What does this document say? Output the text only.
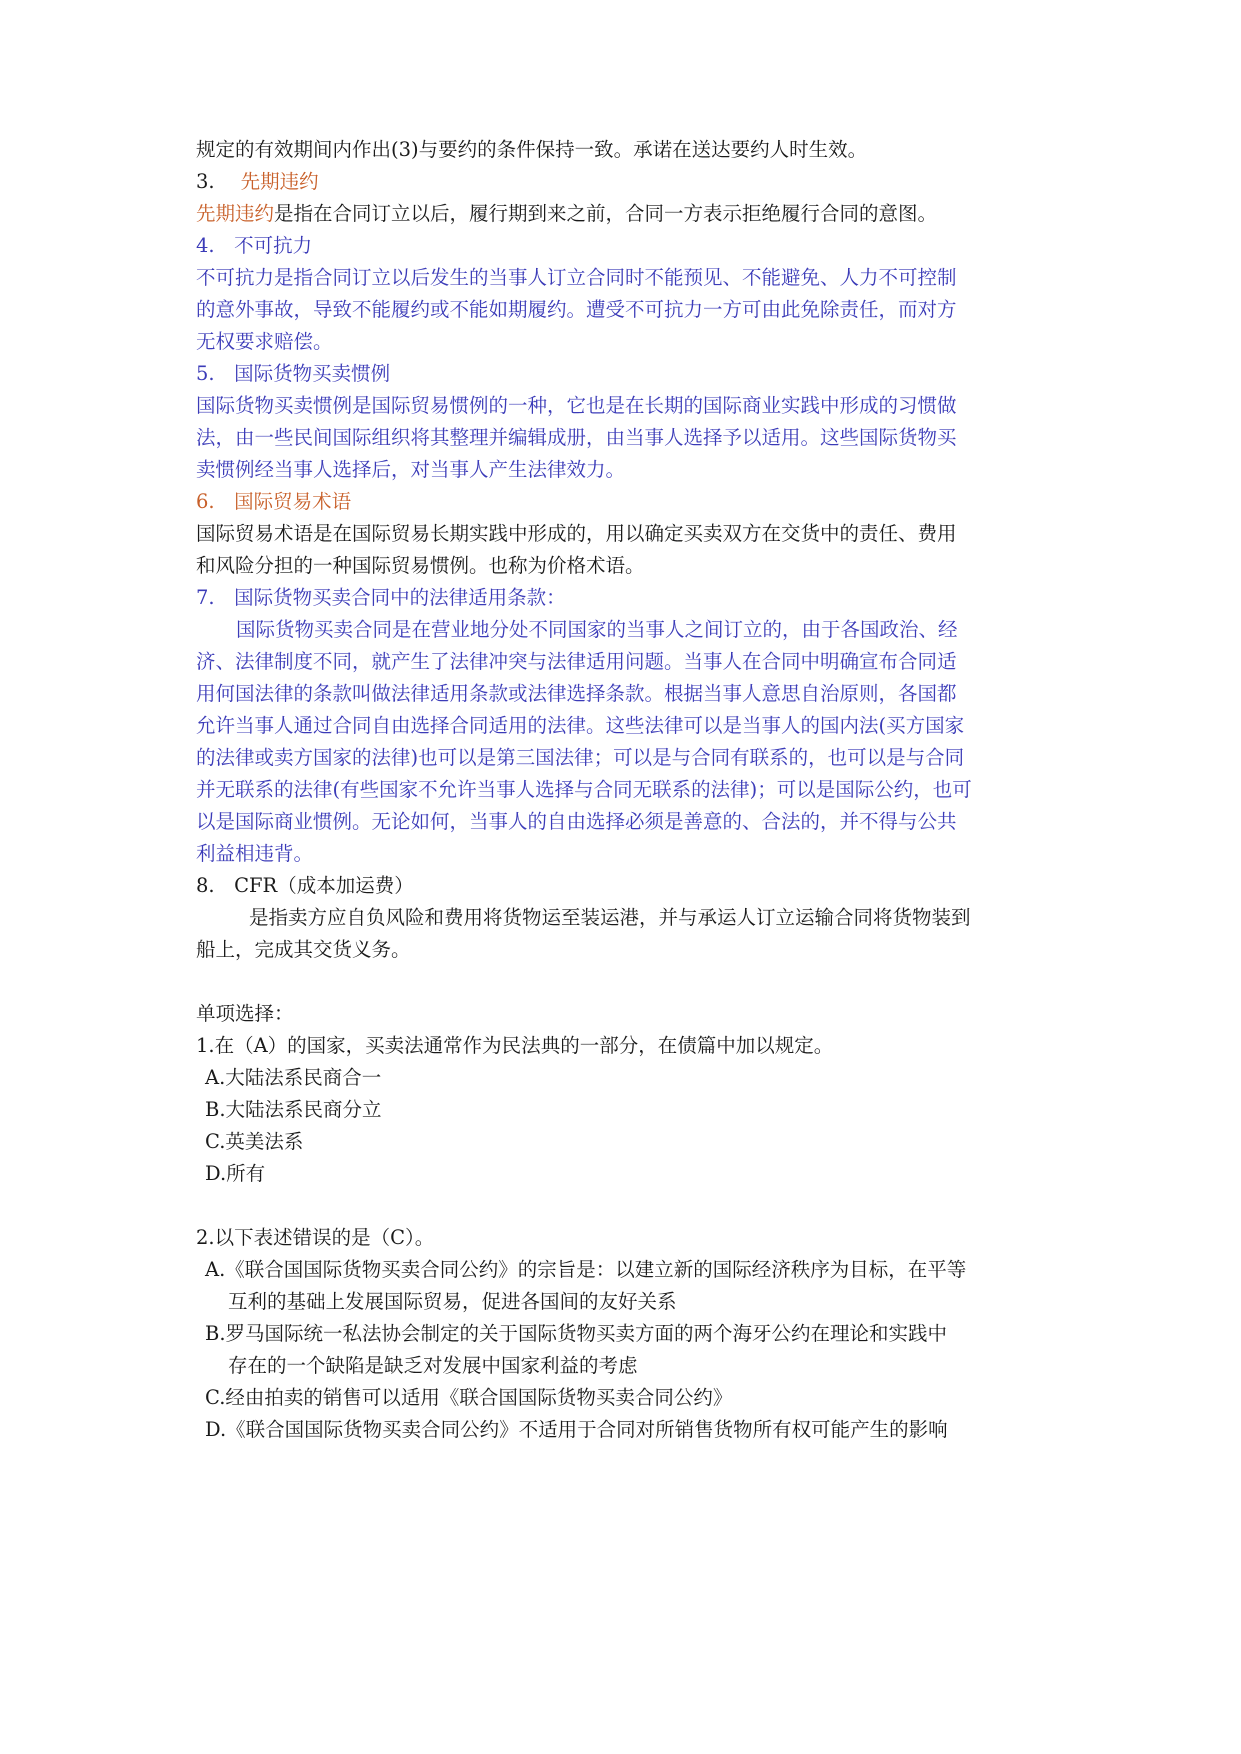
规定的有效期间内作出(3)与要约的条件保持一致。承诺在送达要约人时生效。
3. 先期违约
先期违约是指在合同订立以后，履行期到来之前，合同一方表示拒绝履行合同的意图。
4.　不可抗力
不可抗力是指合同订立以后发生的当事人订立合同时不能预见、不能避免、人力不可控制
的意外事故，导致不能履约或不能如期履约。遭受不可抗力一方可由此免除责任，而对方
无权要求赔偿。
5.　国际货物买卖惯例
国际货物买卖惯例是国际贸易惯例的一种，它也是在长期的国际商业实践中形成的习惯做
法，由一些民间国际组织将其整理并编辑成册，由当事人选择予以适用。这些国际货物买
卖惯例经当事人选择后，对当事人产生法律效力。
6.　国际贸易术语
国际贸易术语是在国际贸易长期实践中形成的，用以确定买卖双方在交货中的责任、费用
和风险分担的一种国际贸易惯例。也称为价格术语。
7.　国际货物买卖合同中的法律适用条款：
国际货物买卖合同是在营业地分处不同国家的当事人之间订立的，由于各国政治、经
济、法律制度不同，就产生了法律冲突与法律适用问题。当事人在合同中明确宣布合同适
用何国法律的条款叫做法律适用条款或法律选择条款。根据当事人意思自治原则，各国都
允许当事人通过合同自由选择合同适用的法律。这些法律可以是当事人的国内法(买方国家
的法律或卖方国家的法律)也可以是第三国法律；可以是与合同有联系的，也可以是与合同
并无联系的法律(有些国家不允许当事人选择与合同无联系的法律)；可以是国际公约，也可
以是国际商业惯例。无论如何，当事人的自由选择必须是善意的、合法的，并不得与公共
利益相违背。
8.　CFR（成本加运费）
是指卖方应自负风险和费用将货物运至装运港，并与承运人订立运输合同将货物装到
船上，完成其交货义务。
单项选择：
1.在（A）的国家，买卖法通常作为民法典的一部分，在债篇中加以规定。
A.大陆法系民商合一
B.大陆法系民商分立
C.英美法系
D.所有
2.以下表述错误的是（C）。
A.《联合国国际货物买卖合同公约》的宗旨是：以建立新的国际经济秩序为目标，在平等
互利的基础上发展国际贸易，促进各国间的友好关系
B.罗马国际统一私法协会制定的关于国际货物买卖方面的两个海牙公约在理论和实践中
存在的一个缺陷是缺乏对发展中国家利益的考虑
C.经由拍卖的销售可以适用《联合国国际货物买卖合同公约》
D.《联合国国际货物买卖合同公约》不适用于合同对所销售货物所有权可能产生的影响
